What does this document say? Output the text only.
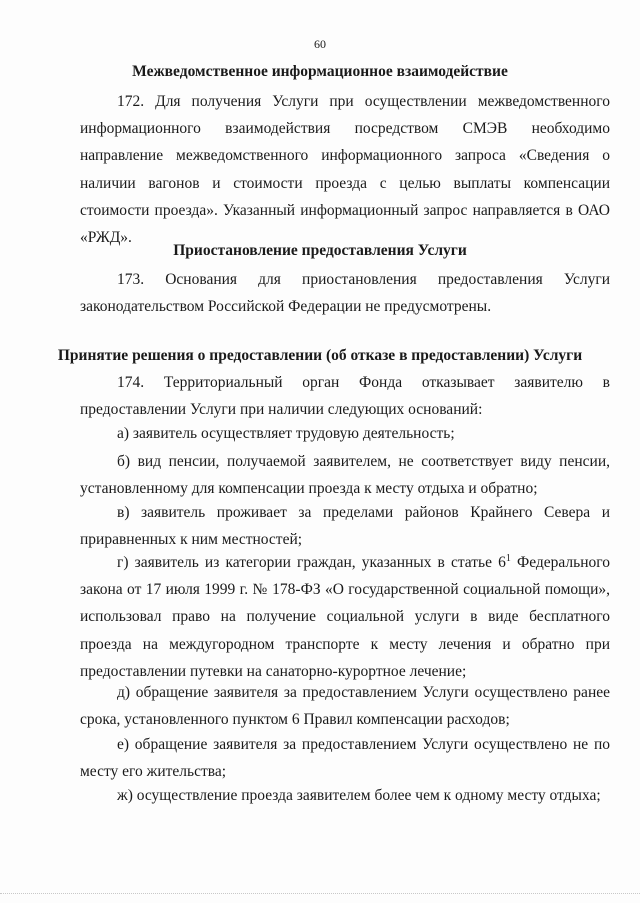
60
Межведомственное информационное взаимодействие

172. Для получения Услуги при осуществлении межведомственного информационного взаимодействия посредством СМЭВ необходимо направление межведомственного информационного запроса «Сведения о наличии вагонов и стоимости проезда с целью выплаты компенсации стоимости проезда». Указанный информационный запрос направляется в ОАО «РЖД».

Приостановление предоставления Услуги

173. Основания для приостановления предоставления Услуги законодательством Российской Федерации не предусмотрены.

Принятие решения о предоставлении (об отказе в предоставлении) Услуги

174. Территориальный орган Фонда отказывает заявителю в предоставлении Услуги при наличии следующих оснований:

а) заявитель осуществляет трудовую деятельность;

б) вид пенсии, получаемой заявителем, не соответствует виду пенсии, установленному для компенсации проезда к месту отдыха и обратно;

в) заявитель проживает за пределами районов Крайнего Севера и приравненных к ним местностей;

г) заявитель из категории граждан, указанных в статье $6^1$ Федерального закона от 17 июля 1999 г. № 178-ФЗ «О государственной социальной помощи», использовал право на получение социальной услуги в виде бесплатного проезда на междугородном транспорте к месту лечения и обратно при предоставлении путевки на санаторно-курортное лечение;

д) обращение заявителя за предоставлением Услуги осуществлено ранее срока, установленного пунктом 6 Правил компенсации расходов;

е) обращение заявителя за предоставлением Услуги осуществлено не по месту его жительства;

ж) осуществление проезда заявителем более чем к одному месту отдыха;
